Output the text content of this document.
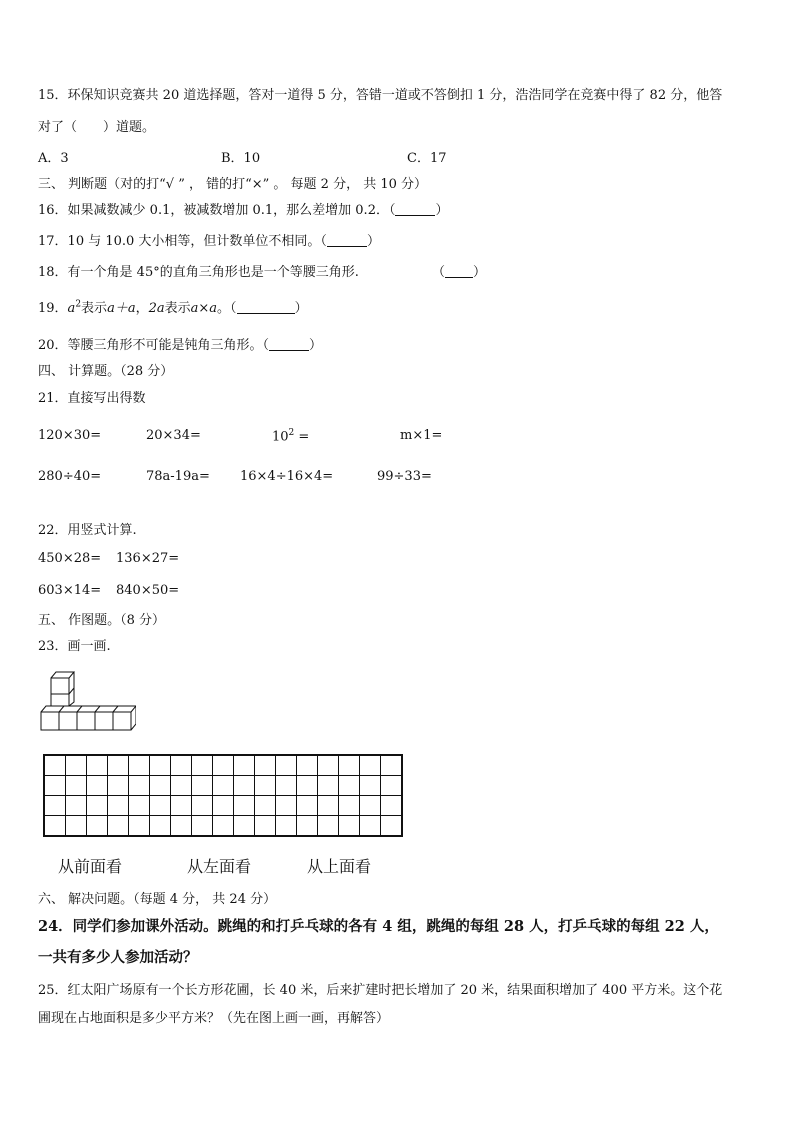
15．环保知识竞赛共 20 道选择题，答对一道得 5 分，答错一道或不答倒扣 1 分，浩浩同学在竞赛中得了 82 分，他答
对了（　　）道题。
A．3	B．10	C．17
三、 判断题（对的打“√ ” ， 错的打“×” 。 每题 2 分， 共 10 分）
16．如果减数减少 0.1，被减数增加 0.1，那么差增加 0.2．（	）
17．10 与 10.0 大小相等，但计数单位不相同。（	）
18．有一个角是 45°的直角三角形也是一个等腰三角形.	（ ）
19．$a^2$表示a＋a，2a表示a×a。（	）
20．等腰三角形不可能是钝角三角形。（	）
四、 计算题。（28 分）
21．直接写出得数
120×30=	20×34=	$10^2$ =	m×1=
280÷40=	78a-19a= 16×4÷16×4=	99÷33=
22．用竖式计算.
450×28= 136×27=
603×14= 840×50=
五、 作图题。（8 分）
23．画一画.

从前面看	从左面看	从上面看
六、 解决问题。（每题 4 分， 共 24 分）
24．同学们参加课外活动。跳绳的和打乒乓球的各有 4 组，跳绳的每组 28 人，打乒乓球的每组 22 人，
一共有多少人参加活动？
25．红太阳广场原有一个长方形花圃，长 40 米，后来扩建时把长增加了 20 米，结果面积增加了 400 平方米。这个花
圃现在占地面积是多少平方米？（先在图上画一画，再解答）
